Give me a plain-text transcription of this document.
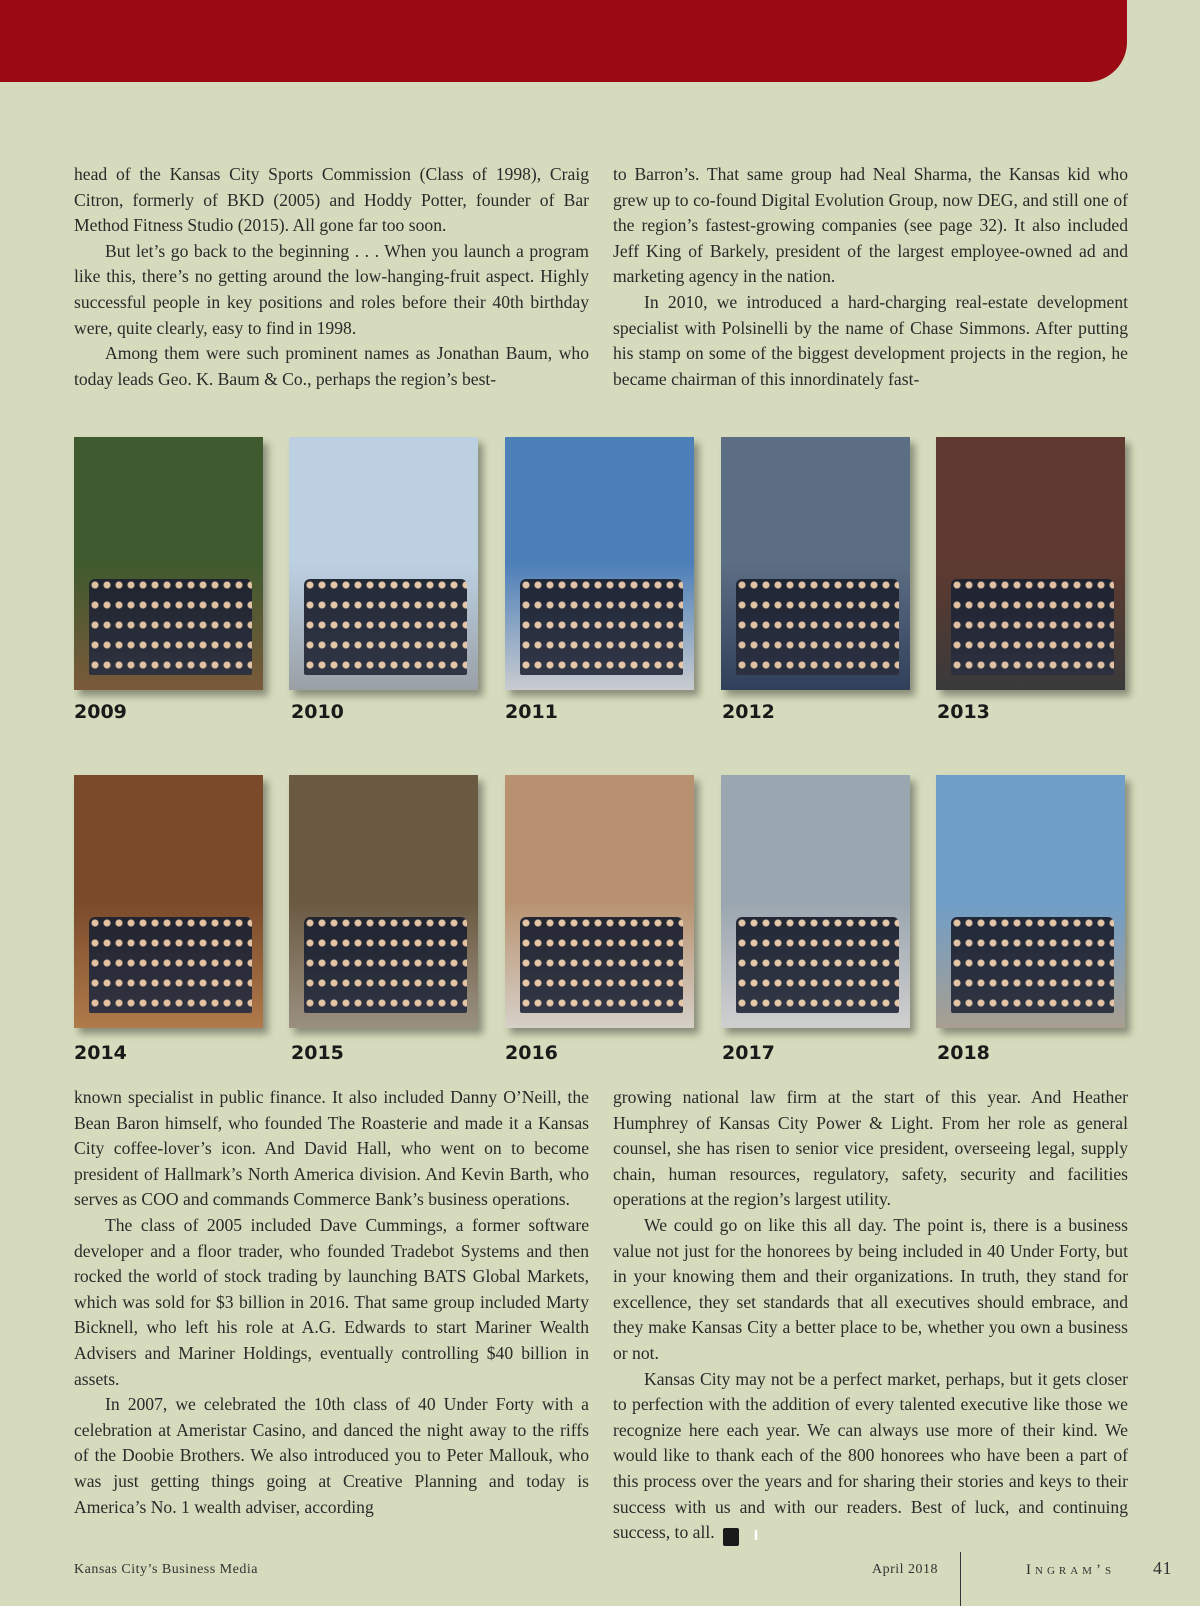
head of the Kansas City Sports Commission (Class of 1998), Craig Citron, formerly of BKD (2005) and Hoddy Potter, founder of Bar Method Fitness Studio (2015). All gone far too soon.

But let’s go back to the beginning . . . When you launch a program like this, there’s no getting around the low-hanging-fruit aspect. Highly successful people in key positions and roles before their 40th birthday were, quite clearly, easy to find in 1998.

Among them were such prominent names as Jonathan Baum, who today leads Geo. K. Baum & Co., perhaps the region’s best-

to Barron’s. That same group had Neal Sharma, the Kansas kid who grew up to co-found Digital Evolution Group, now DEG, and still one of the region’s fastest-growing companies (see page 32). It also included Jeff King of Barkely, president of the largest employee-owned ad and marketing agency in the nation.

In 2010, we introduced a hard-charging real-estate development specialist with Polsinelli by the name of Chase Simmons. After putting his stamp on some of the biggest development projects in the region, he became chairman of this innordinately fast-

2009	2010	2011	2012	2013
2014	2015	2016	2017	2018

known specialist in public finance. It also included Danny O’Neill, the Bean Baron himself, who founded The Roasterie and made it a Kansas City coffee-lover’s icon. And David Hall, who went on to become president of Hallmark’s North America division. And Kevin Barth, who serves as COO and commands Commerce Bank’s business operations.

The class of 2005 included Dave Cummings, a former software developer and a floor trader, who founded Tradebot Systems and then rocked the world of stock trading by launching BATS Global Markets, which was sold for $3 billion in 2016. That same group included Marty Bicknell, who left his role at A.G. Edwards to start Mariner Wealth Advisers and Mariner Holdings, eventually controlling $40 billion in assets.

In 2007, we celebrated the 10th class of 40 Under Forty with a celebration at Ameristar Casino, and danced the night away to the riffs of the Doobie Brothers. We also introduced you to Peter Mallouk, who was just getting things going at Creative Planning and today is America’s No. 1 wealth adviser, according

growing national law firm at the start of this year. And Heather Humphrey of Kansas City Power & Light. From her role as general counsel, she has risen to senior vice president, overseeing legal, supply chain, human resources, regulatory, safety, security and facilities operations at the region’s largest utility.

We could go on like this all day. The point is, there is a business value not just for the honorees by being included in 40 Under Forty, but in your knowing them and their organizations. In truth, they stand for excellence, they set standards that all executives should embrace, and they make Kansas City a better place to be, whether you own a business or not.

Kansas City may not be a perfect market, perhaps, but it gets closer to perfection with the addition of every talented executive like those we recognize here each year. We can always use more of their kind. We would like to thank each of the 800 honorees who have been a part of this process over the years and for sharing their stories and keys to their success with us and with our readers. Best of luck, and continuing success, to all.	I

Kansas City’s Business Media	April 2018	Ingram’s 41
